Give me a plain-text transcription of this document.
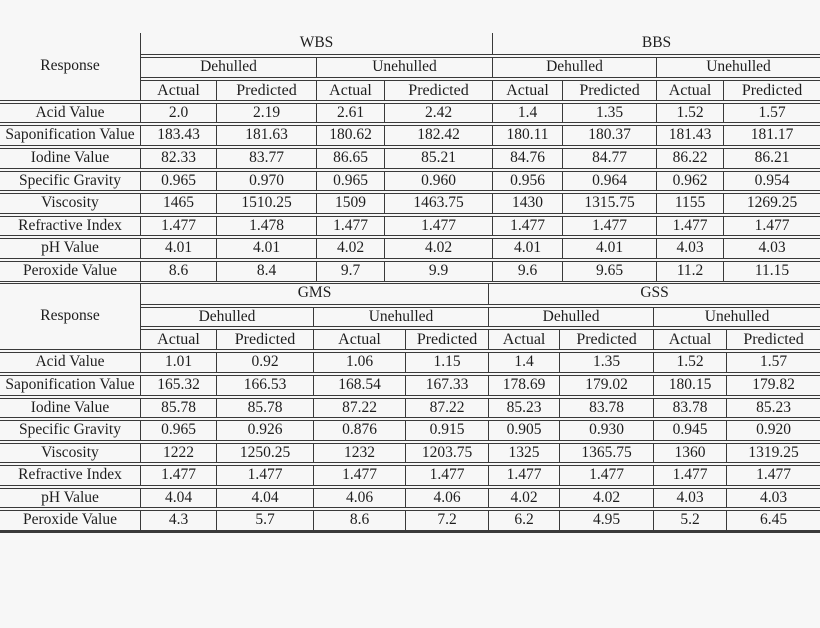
Response	WBS				BBS			
	Dehulled		Unehulled		Dehulled		Unehulled	
	Actual	Predicted	Actual	Predicted	Actual	Predicted	Actual	Predicted
Acid Value	2.0	2.19	2.61	2.42	1.4	1.35	1.52	1.57
Saponification Value	183.43	181.63	180.62	182.42	180.11	180.37	181.43	181.17
Iodine Value	82.33	83.77	86.65	85.21	84.76	84.77	86.22	86.21
Specific Gravity	0.965	0.970	0.965	0.960	0.956	0.964	0.962	0.954
Viscosity	1465	1510.25	1509	1463.75	1430	1315.75	1155	1269.25
Refractive Index	1.477	1.478	1.477	1.477	1.477	1.477	1.477	1.477
pH Value	4.01	4.01	4.02	4.02	4.01	4.01	4.03	4.03
Peroxide Value	8.6	8.4	9.7	9.9	9.6	9.65	11.2	11.15
Response	GMS				GSS			
	Dehulled		Unehulled		Dehulled		Unehulled	
	Actual	Predicted	Actual	Predicted	Actual	Predicted	Actual	Predicted
Acid Value	1.01	0.92	1.06	1.15	1.4	1.35	1.52	1.57
Saponification Value	165.32	166.53	168.54	167.33	178.69	179.02	180.15	179.82
Iodine Value	85.78	85.78	87.22	87.22	85.23	83.78	83.78	85.23
Specific Gravity	0.965	0.926	0.876	0.915	0.905	0.930	0.945	0.920
Viscosity	1222	1250.25	1232	1203.75	1325	1365.75	1360	1319.25
Refractive Index	1.477	1.477	1.477	1.477	1.477	1.477	1.477	1.477
pH Value	4.04	4.04	4.06	4.06	4.02	4.02	4.03	4.03
Peroxide Value	4.3	5.7	8.6	7.2	6.2	4.95	5.2	6.45
